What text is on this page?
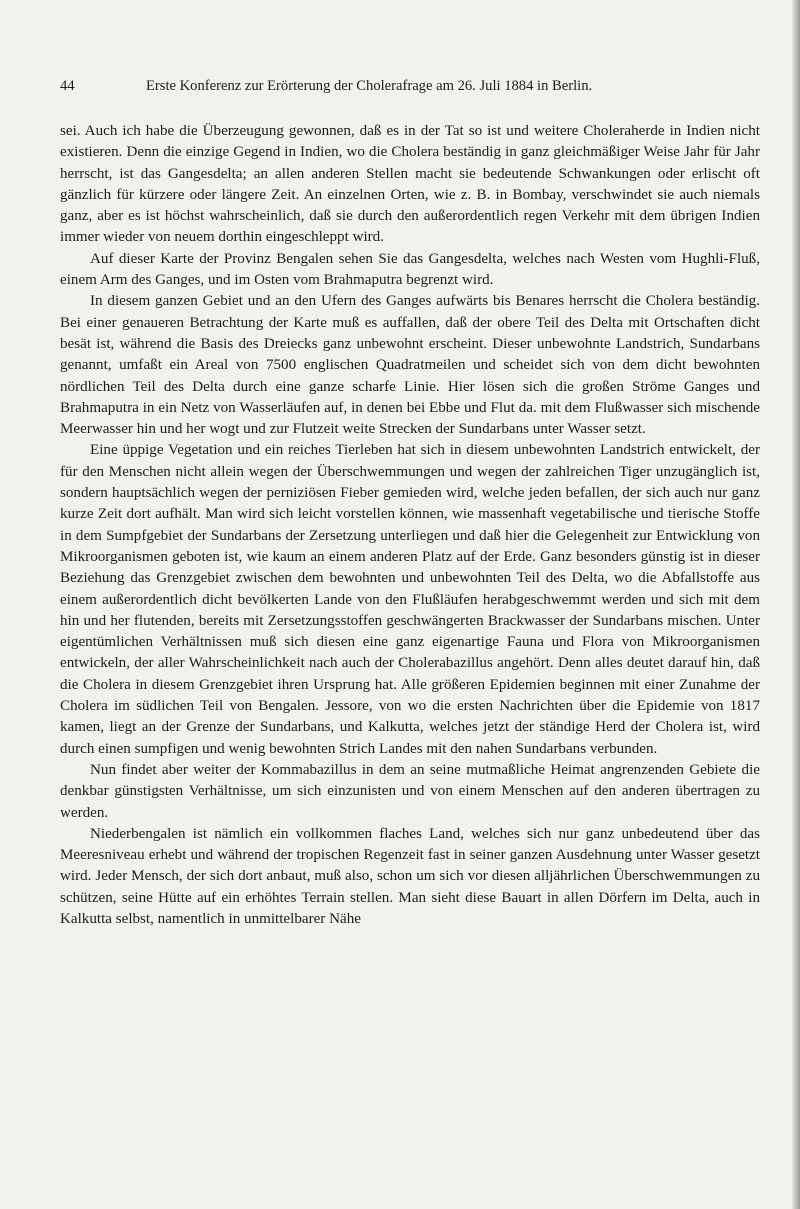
44	Erste Konferenz zur Erörterung der Cholerafrage am 26. Juli 1884 in Berlin.

sei. Auch ich habe die Überzeugung gewonnen, daß es in der Tat so ist und weitere Choleraherde in Indien nicht existieren. Denn die einzige Gegend in Indien, wo die Cholera beständig in ganz gleichmäßiger Weise Jahr für Jahr herrscht, ist das Gangesdelta; an allen anderen Stellen macht sie bedeutende Schwankungen oder erlischt oft gänzlich für kürzere oder längere Zeit. An einzelnen Orten, wie z. B. in Bombay, verschwindet sie auch niemals ganz, aber es ist höchst wahrscheinlich, daß sie durch den außerordentlich regen Verkehr mit dem übrigen Indien immer wieder von neuem dorthin eingeschleppt wird.

Auf dieser Karte der Provinz Bengalen sehen Sie das Gangesdelta, welches nach Westen vom Hughli-Fluß, einem Arm des Ganges, und im Osten vom Brahmaputra begrenzt wird.

In diesem ganzen Gebiet und an den Ufern des Ganges aufwärts bis Benares herrscht die Cholera beständig. Bei einer genaueren Betrachtung der Karte muß es auffallen, daß der obere Teil des Delta mit Ortschaften dicht besät ist, während die Basis des Dreiecks ganz unbewohnt erscheint. Dieser unbewohnte Landstrich, Sundarbans genannt, umfaßt ein Areal von 7500 englischen Quadratmeilen und scheidet sich von dem dicht bewohnten nördlichen Teil des Delta durch eine ganze scharfe Linie. Hier lösen sich die großen Ströme Ganges und Brahmaputra in ein Netz von Wasserläufen auf, in denen bei Ebbe und Flut da. mit dem Flußwasser sich mischende Meerwasser hin und her wogt und zur Flutzeit weite Strecken der Sundarbans unter Wasser setzt.

Eine üppige Vegetation und ein reiches Tierleben hat sich in diesem unbewohnten Landstrich entwickelt, der für den Menschen nicht allein wegen der Überschwemmungen und wegen der zahlreichen Tiger unzugänglich ist, sondern hauptsächlich wegen der perniziösen Fieber gemieden wird, welche jeden befallen, der sich auch nur ganz kurze Zeit dort aufhält. Man wird sich leicht vorstellen können, wie massenhaft vegetabilische und tierische Stoffe in dem Sumpfgebiet der Sundarbans der Zersetzung unterliegen und daß hier die Gelegenheit zur Entwicklung von Mikroorganismen geboten ist, wie kaum an einem anderen Platz auf der Erde. Ganz besonders günstig ist in dieser Beziehung das Grenzgebiet zwischen dem bewohnten und unbewohnten Teil des Delta, wo die Abfallstoffe aus einem außerordentlich dicht bevölkerten Lande von den Flußläufen herabgeschwemmt werden und sich mit dem hin und her flutenden, bereits mit Zersetzungsstoffen geschwängerten Brackwasser der Sundarbans mischen. Unter eigentümlichen Verhältnissen muß sich diesen eine ganz eigenartige Fauna und Flora von Mikroorganismen entwickeln, der aller Wahrscheinlichkeit nach auch der Cholerabazillus angehört. Denn alles deutet darauf hin, daß die Cholera in diesem Grenzgebiet ihren Ursprung hat. Alle größeren Epidemien beginnen mit einer Zunahme der Cholera im südlichen Teil von Bengalen. Jessore, von wo die ersten Nachrichten über die Epidemie von 1817 kamen, liegt an der Grenze der Sundarbans, und Kalkutta, welches jetzt der ständige Herd der Cholera ist, wird durch einen sumpfigen und wenig bewohnten Strich Landes mit den nahen Sundarbans verbunden.

Nun findet aber weiter der Kommabazillus in dem an seine mutmaßliche Heimat angrenzenden Gebiete die denkbar günstigsten Verhältnisse, um sich einzunisten und von einem Menschen auf den anderen übertragen zu werden.

Niederbengalen ist nämlich ein vollkommen flaches Land, welches sich nur ganz unbedeutend über das Meeresniveau erhebt und während der tropischen Regenzeit fast in seiner ganzen Ausdehnung unter Wasser gesetzt wird. Jeder Mensch, der sich dort anbaut, muß also, schon um sich vor diesen alljährlichen Überschwemmungen zu schützen, seine Hütte auf ein erhöhtes Terrain stellen. Man sieht diese Bauart in allen Dörfern im Delta, auch in Kalkutta selbst, namentlich in unmittelbarer Nähe
